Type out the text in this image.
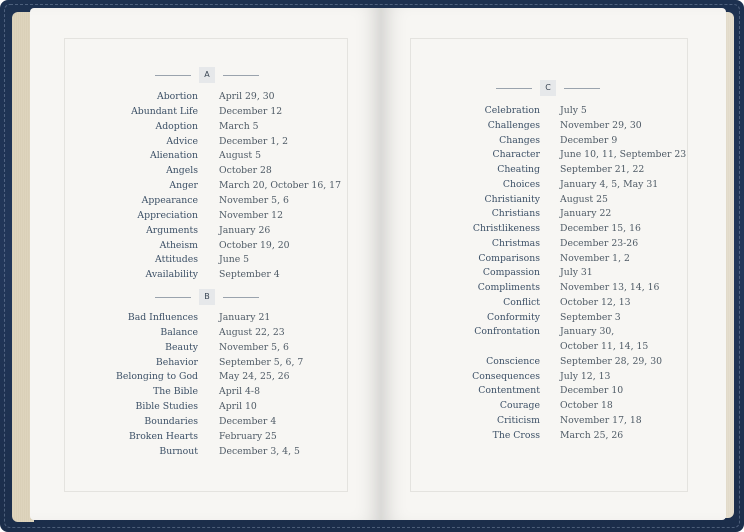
A
Abortion April 29, 30
Abundant Life December 12
Adoption March 5
Advice December 1, 2
Alienation August 5
Angels October 28
Anger March 20, October 16, 17
Appearance November 5, 6
Appreciation November 12
Arguments January 26
Atheism October 19, 20
Attitudes June 5
Availability September 4
B
Bad Influences January 21
Balance August 22, 23
Beauty November 5, 6
Behavior September 5, 6, 7
Belonging to God May 24, 25, 26
The Bible April 4-8
Bible Studies April 10
Boundaries December 4
Broken Hearts February 25
Burnout December 3, 4, 5
C
Celebration July 5
Challenges November 29, 30
Changes December 9
Character June 10, 11, September 23
Cheating September 21, 22
Choices January 4, 5, May 31
Christianity August 25
Christians January 22
Christlikeness December 15, 16
Christmas December 23-26
Comparisons November 1, 2
Compassion July 31
Compliments November 13, 14, 16
Conflict October 12, 13
Conformity September 3
Confrontation January 30,
October 11, 14, 15
Conscience September 28, 29, 30
Consequences July 12, 13
Contentment December 10
Courage October 18
Criticism November 17, 18
The Cross March 25, 26
